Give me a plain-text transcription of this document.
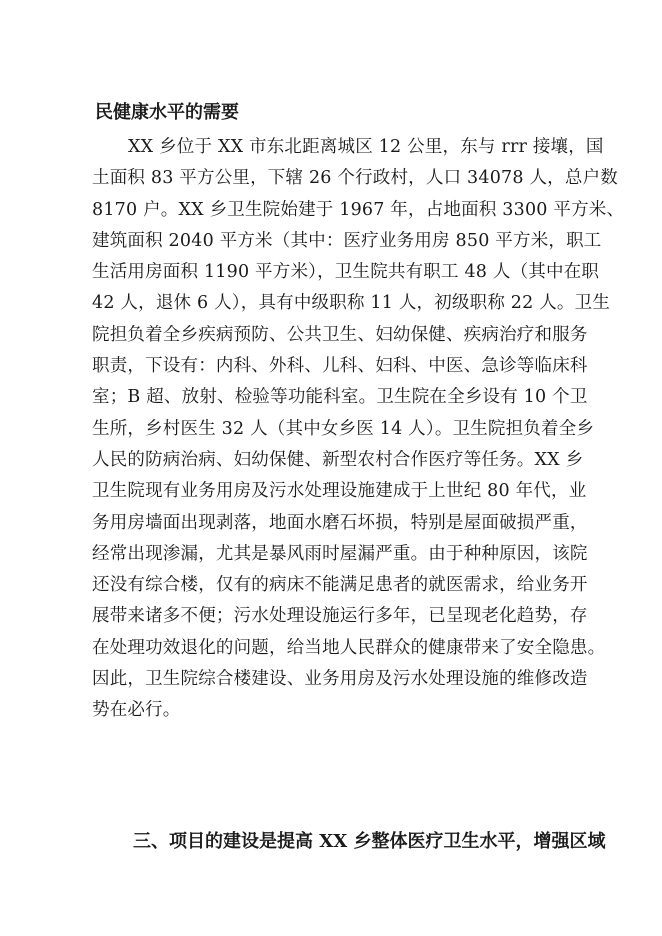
民健康水平的需要
XX 乡位于 XX 市东北距离城区 12 公里，东与 rrr 接壤，国
土面积 83 平方公里，下辖 26 个行政村，人口 34078 人，总户数
8170 户。XX 乡卫生院始建于 1967 年，占地面积 3300 平方米、
建筑面积 2040 平方米（其中：医疗业务用房 850 平方米，职工
生活用房面积 1190 平方米），卫生院共有职工 48 人（其中在职
42 人，退休 6 人），具有中级职称 11 人，初级职称 22 人。卫生
院担负着全乡疾病预防、公共卫生、妇幼保健、疾病治疗和服务
职责，下设有：内科、外科、儿科、妇科、中医、急诊等临床科
室；B 超、放射、检验等功能科室。卫生院在全乡设有 10 个卫
生所，乡村医生 32 人（其中女乡医 14 人）。卫生院担负着全乡
人民的防病治病、妇幼保健、新型农村合作医疗等任务。XX 乡
卫生院现有业务用房及污水处理设施建成于上世纪 80 年代，业
务用房墙面出现剥落，地面水磨石坏损，特别是屋面破损严重，
经常出现渗漏，尤其是暴风雨时屋漏严重。由于种种原因，该院
还没有综合楼，仅有的病床不能满足患者的就医需求，给业务开
展带来诸多不便；污水处理设施运行多年，已呈现老化趋势，存
在处理功效退化的问题，给当地人民群众的健康带来了安全隐患。
因此，卫生院综合楼建设、业务用房及污水处理设施的维修改造
势在必行。
三、项目的建设是提高 XX 乡整体医疗卫生水平，增强区域
